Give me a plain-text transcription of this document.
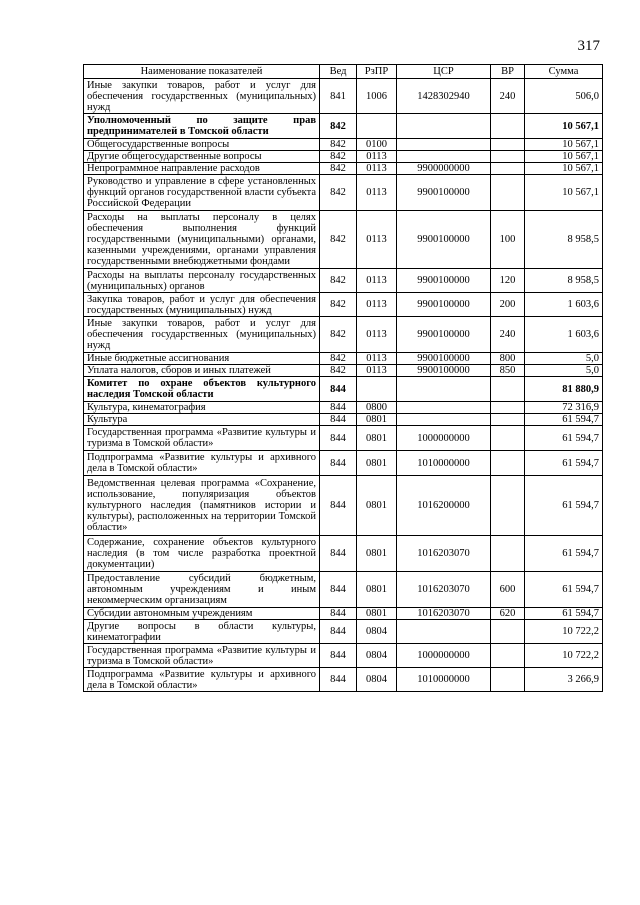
317
Наименование показателей	Вед	РзПР	ЦСР	ВР	Сумма
Иные закупки товаров, работ и услуг для обеспечения государственных (муниципальных) нужд	841	1006	1428302940	240	506,0
Уполномоченный по защите прав предпринимателей в Томской области	842				10 567,1
Общегосударственные вопросы	842	0100			10 567,1
Другие общегосударственные вопросы	842	0113			10 567,1
Непрограммное направление расходов	842	0113	9900000000		10 567,1
Руководство и управление в сфере установленных функций органов государственной власти субъекта Российской Федерации	842	0113	9900100000		10 567,1
Расходы на выплаты персоналу в целях обеспечения выполнения функций государственными (муниципальными) органами, казенными учреждениями, органами управления государственными внебюджетными фондами	842	0113	9900100000	100	8 958,5
Расходы на выплаты персоналу государственных (муниципальных) органов	842	0113	9900100000	120	8 958,5
Закупка товаров, работ и услуг для обеспечения государственных (муниципальных) нужд	842	0113	9900100000	200	1 603,6
Иные закупки товаров, работ и услуг для обеспечения государственных (муниципальных) нужд	842	0113	9900100000	240	1 603,6
Иные бюджетные ассигнования	842	0113	9900100000	800	5,0
Уплата налогов, сборов и иных платежей	842	0113	9900100000	850	5,0
Комитет по охране объектов культурного наследия Томской области	844				81 880,9
Культура, кинематография	844	0800			72 316,9
Культура	844	0801			61 594,7
Государственная программа «Развитие культуры и туризма в Томской области»	844	0801	1000000000		61 594,7
Подпрограмма «Развитие культуры и архивного дела в Томской области»	844	0801	1010000000		61 594,7
Ведомственная целевая программа «Сохранение, использование, популяризация объектов культурного наследия (памятников истории и культуры), расположенных на территории Томской области»	844	0801	1016200000		61 594,7
Содержание, сохранение объектов культурного наследия (в том числе разработка проектной документации)	844	0801	1016203070		61 594,7
Предоставление субсидий бюджетным, автономным учреждениям и иным некоммерческим организациям	844	0801	1016203070	600	61 594,7
Субсидии автономным учреждениям	844	0801	1016203070	620	61 594,7
Другие вопросы в области культуры, кинематографии	844	0804			10 722,2
Государственная программа «Развитие культуры и туризма в Томской области»	844	0804	1000000000		10 722,2
Подпрограмма «Развитие культуры и архивного дела в Томской области»	844	0804	1010000000		3 266,9
